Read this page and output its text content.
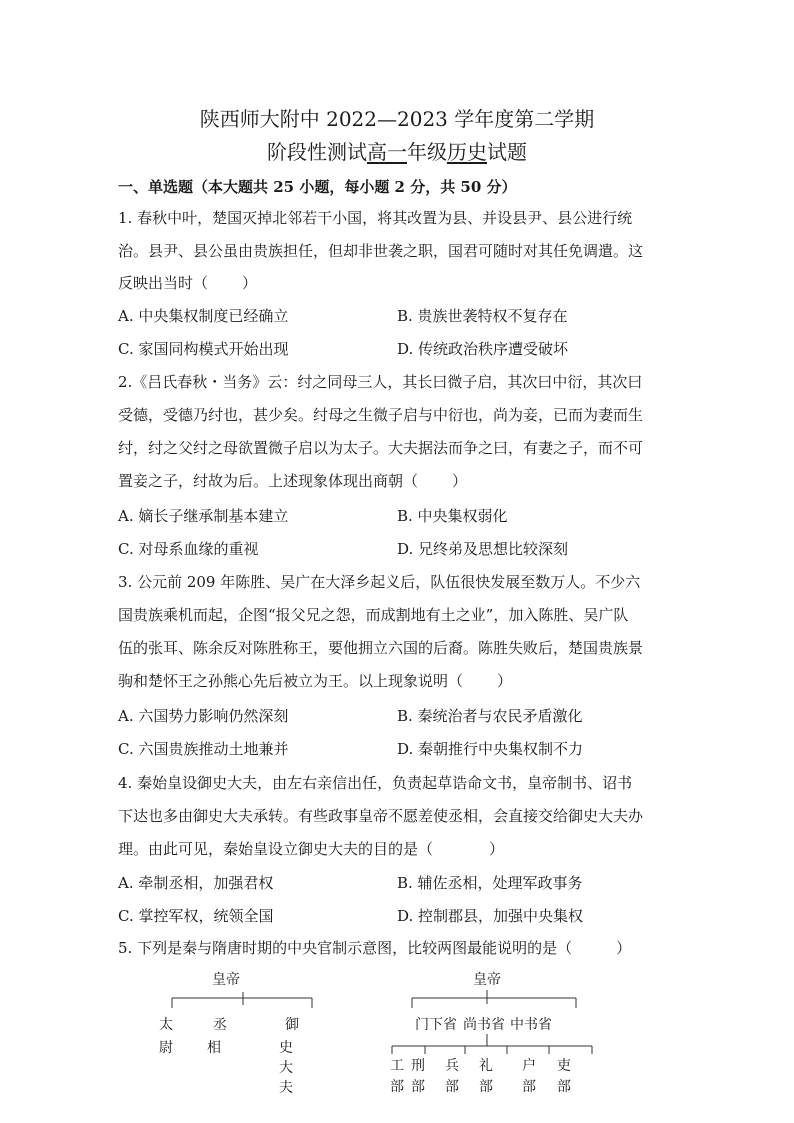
陕西师大附中 2022—2023 学年度第二学期
阶段性测试高一年级历史试题
一、单选题（本大题共 25 小题，每小题 2 分，共 50 分）
1. 春秋中叶，楚国灭掉北邻若干小国，将其改置为县、并设县尹、县公进行统
治。县尹、县公虽由贵族担任，但却非世袭之职，国君可随时对其任免调遣。这
反映出当时（ ）
A. 中央集权制度已经确立	B. 贵族世袭特权不复存在
C. 家国同构模式开始出现	D. 传统政治秩序遭受破坏
2.《吕氏春秋・当务》云：纣之同母三人，其长曰微子启，其次曰中衍，其次曰
受德，受德乃纣也，甚少矣。纣母之生微子启与中衍也，尚为妾，已而为妻而生
纣，纣之父纣之母欲置微子启以为太子。大夫据法而争之曰，有妻之子，而不可
置妾之子，纣故为后。上述现象体现出商朝（ ）
A. 嫡长子继承制基本建立	B. 中央集权弱化
C. 对母系血缘的重视	D. 兄终弟及思想比较深刻
3. 公元前 209 年陈胜、吴广在大泽乡起义后，队伍很快发展至数万人。不少六
国贵族乘机而起，企图“报父兄之怨，而成割地有土之业”，加入陈胜、吴广队
伍的张耳、陈余反对陈胜称王，要他拥立六国的后裔。陈胜失败后，楚国贵族景
驹和楚怀王之孙熊心先后被立为王。以上现象说明（ ）
A. 六国势力影响仍然深刻	B. 秦统治者与农民矛盾激化
C. 六国贵族推动土地兼并	D. 秦朝推行中央集权制不力
4. 秦始皇设御史大夫，由左右亲信出任，负责起草诰命文书，皇帝制书、诏书
下达也多由御史大夫承转。有些政事皇帝不愿差使丞相，会直接交给御史大夫办
理。由此可见，秦始皇设立御史大夫的目的是（	）
A. 牵制丞相，加强君权	B. 辅佐丞相，处理军政事务
C. 掌控军权，统领全国	D. 控制郡县，加强中央集权
5. 下列是秦与隋唐时期的中央官制示意图，比较两图最能说明的是（	）
皇帝
太
尉
丞
相
御
史
大
夫
皇帝
门下省 尚书省 中书省
工
部
刑
部
兵
部
礼
部
户
部
吏
部
